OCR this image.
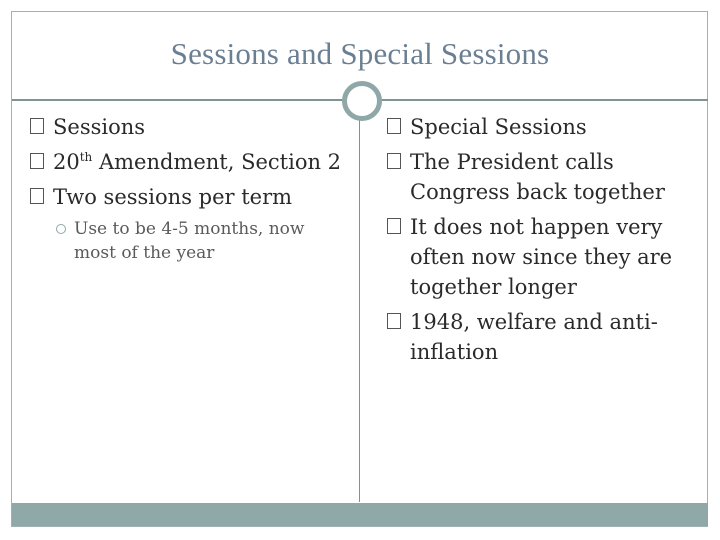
Sessions and Special Sessions
Sessions
20th Amendment, Section 2
Two sessions per term
Use to be 4-5 months, now most of the year
Special Sessions
The President calls Congress back together
It does not happen very often now since they are together longer
1948, welfare and anti-inflation
